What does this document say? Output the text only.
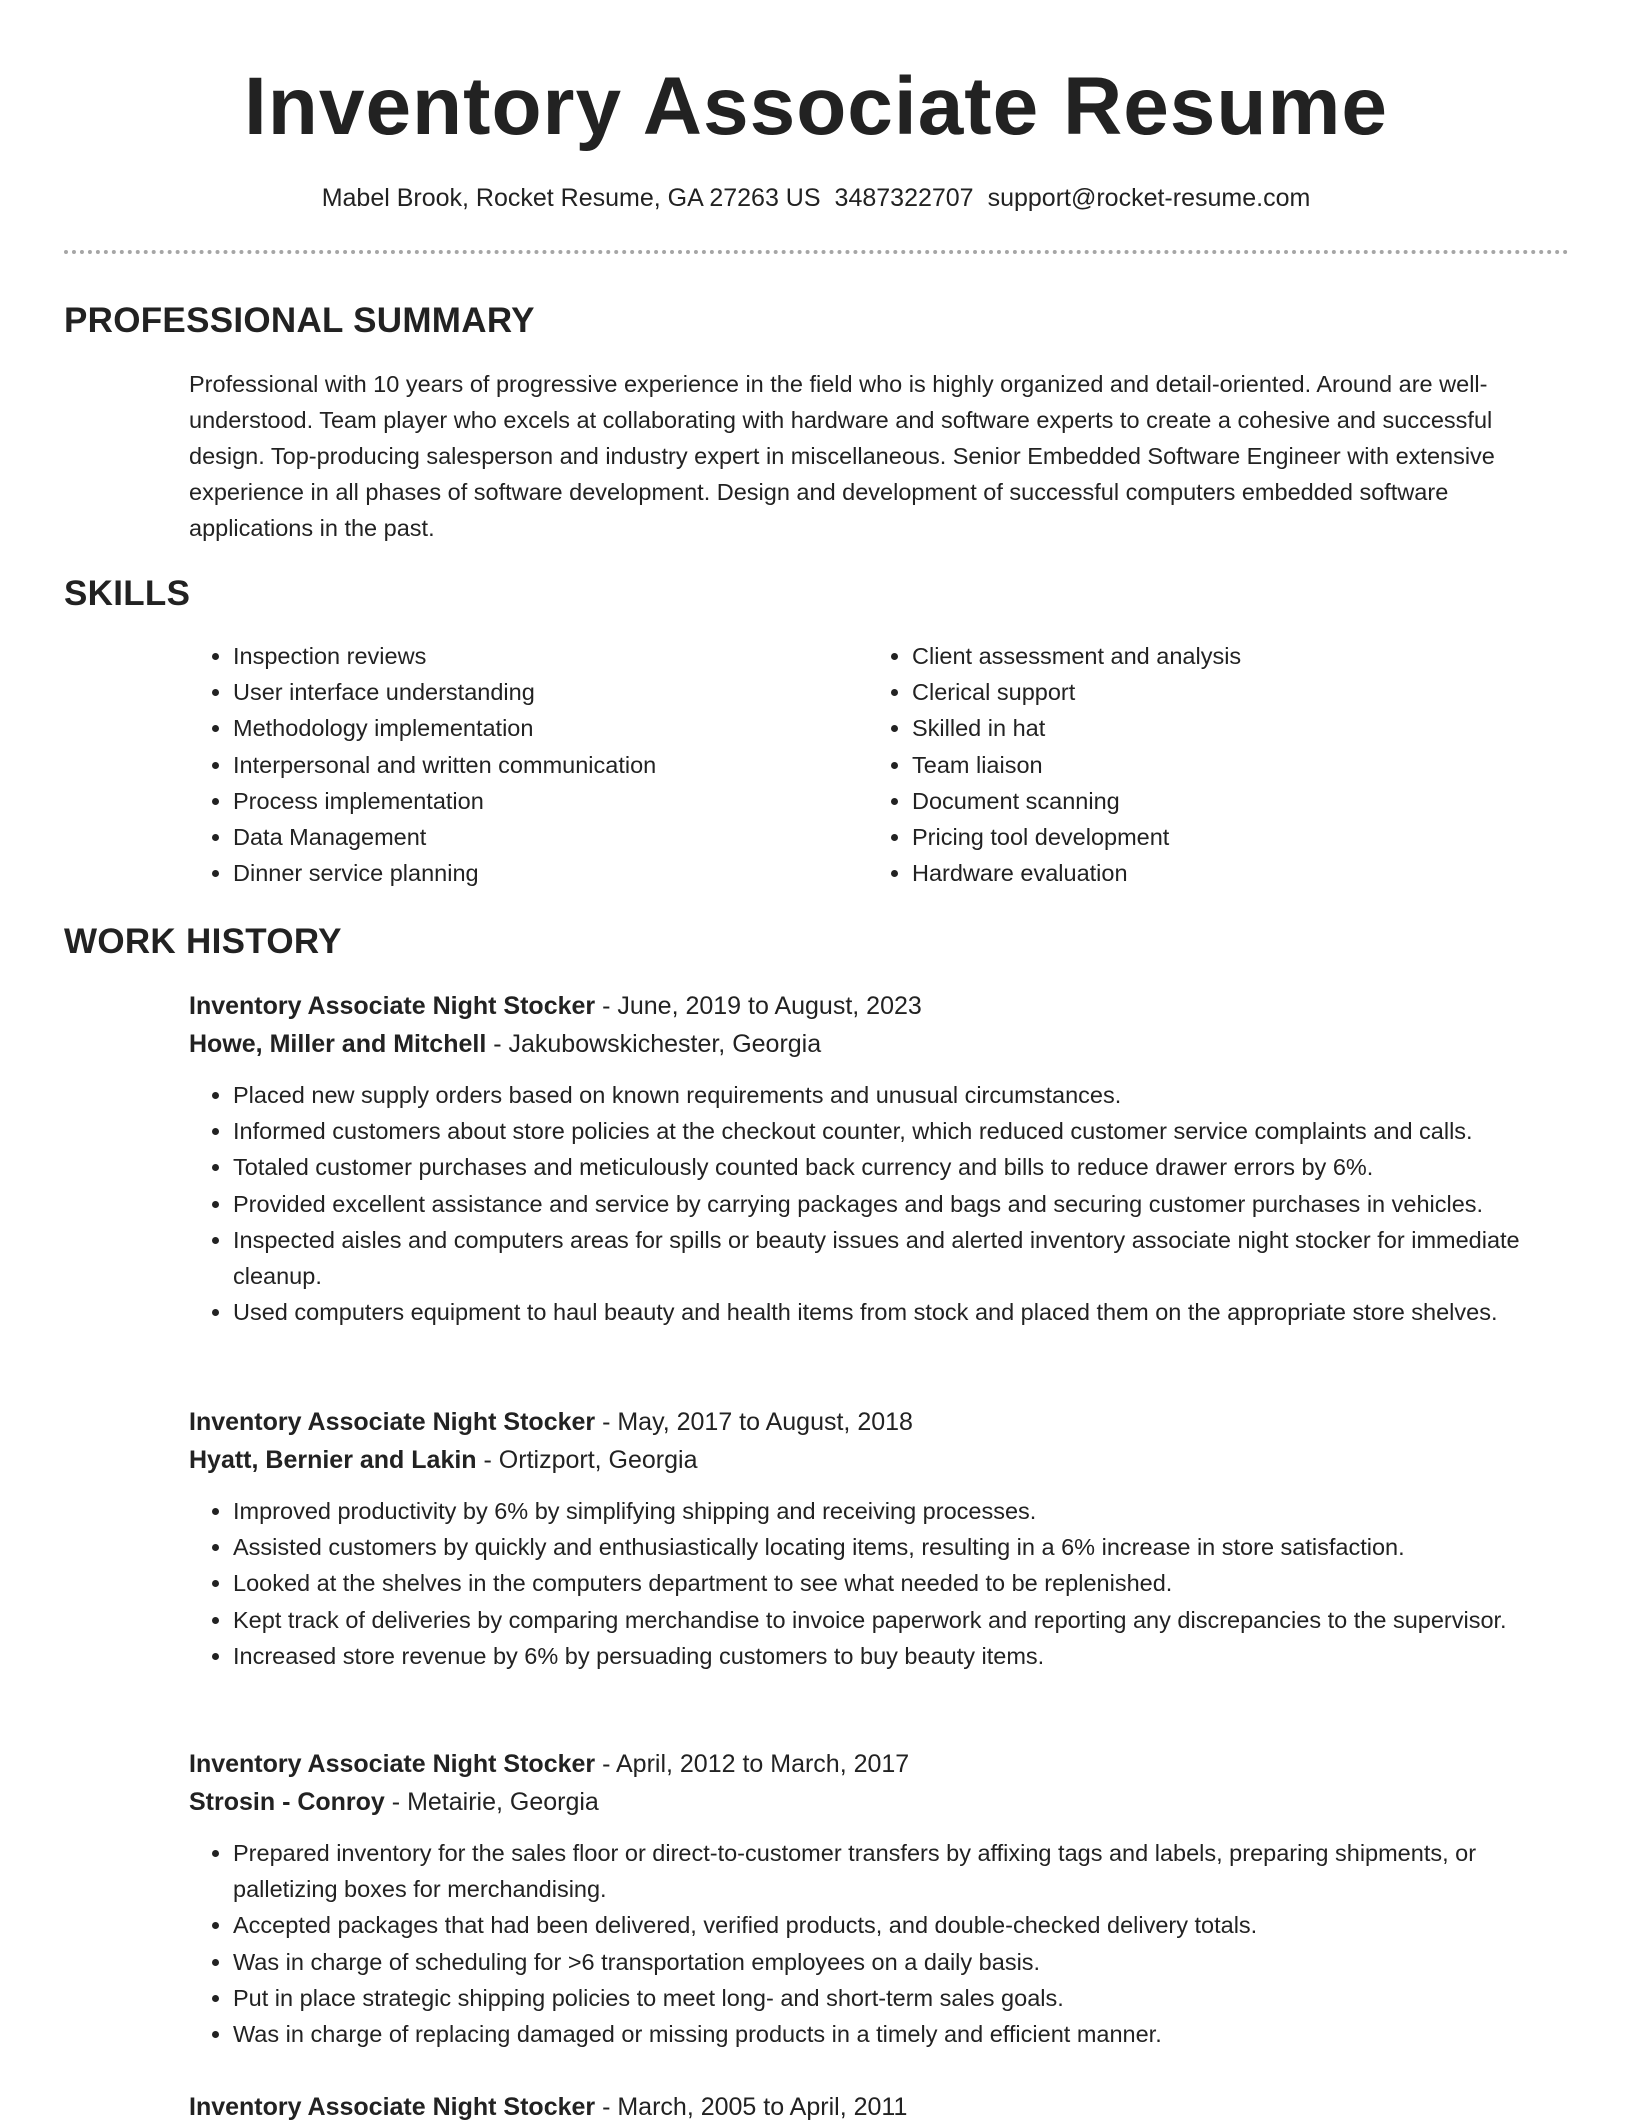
Inventory Associate Resume
Mabel Brook, Rocket Resume, GA 27263 US 3487322707 support@rocket-resume.com
PROFESSIONAL SUMMARY

Professional with 10 years of progressive experience in the field who is highly organized and detail-oriented. Around are well-understood. Team player who excels at collaborating with hardware and software experts to create a cohesive and successful design. Top-producing salesperson and industry expert in miscellaneous. Senior Embedded Software Engineer with extensive experience in all phases of software development. Design and development of successful computers embedded software applications in the past.

SKILLS
• Inspection reviews
• User interface understanding
• Methodology implementation
• Interpersonal and written communication
• Process implementation
• Data Management
• Dinner service planning
• Client assessment and analysis
• Clerical support
• Skilled in hat
• Team liaison
• Document scanning
• Pricing tool development
• Hardware evaluation
WORK HISTORY
Inventory Associate Night Stocker - June, 2019 to August, 2023
Howe, Miller and Mitchell - Jakubowskichester, Georgia
• Placed new supply orders based on known requirements and unusual circumstances.
• Informed customers about store policies at the checkout counter, which reduced customer service complaints and calls.
• Totaled customer purchases and meticulously counted back currency and bills to reduce drawer errors by 6%.
• Provided excellent assistance and service by carrying packages and bags and securing customer purchases in vehicles.
• Inspected aisles and computers areas for spills or beauty issues and alerted inventory associate night stocker for immediate cleanup.
• Used computers equipment to haul beauty and health items from stock and placed them on the appropriate store shelves.
Inventory Associate Night Stocker - May, 2017 to August, 2018
Hyatt, Bernier and Lakin - Ortizport, Georgia
• Improved productivity by 6% by simplifying shipping and receiving processes.
• Assisted customers by quickly and enthusiastically locating items, resulting in a 6% increase in store satisfaction.
• Looked at the shelves in the computers department to see what needed to be replenished.
• Kept track of deliveries by comparing merchandise to invoice paperwork and reporting any discrepancies to the supervisor.
• Increased store revenue by 6% by persuading customers to buy beauty items.
Inventory Associate Night Stocker - April, 2012 to March, 2017
Strosin - Conroy - Metairie, Georgia
• Prepared inventory for the sales floor or direct-to-customer transfers by affixing tags and labels, preparing shipments, or palletizing boxes for merchandising.
• Accepted packages that had been delivered, verified products, and double-checked delivery totals.
• Was in charge of scheduling for >6 transportation employees on a daily basis.
• Put in place strategic shipping policies to meet long- and short-term sales goals.
• Was in charge of replacing damaged or missing products in a timely and efficient manner.
Inventory Associate Night Stocker - March, 2005 to April, 2011
